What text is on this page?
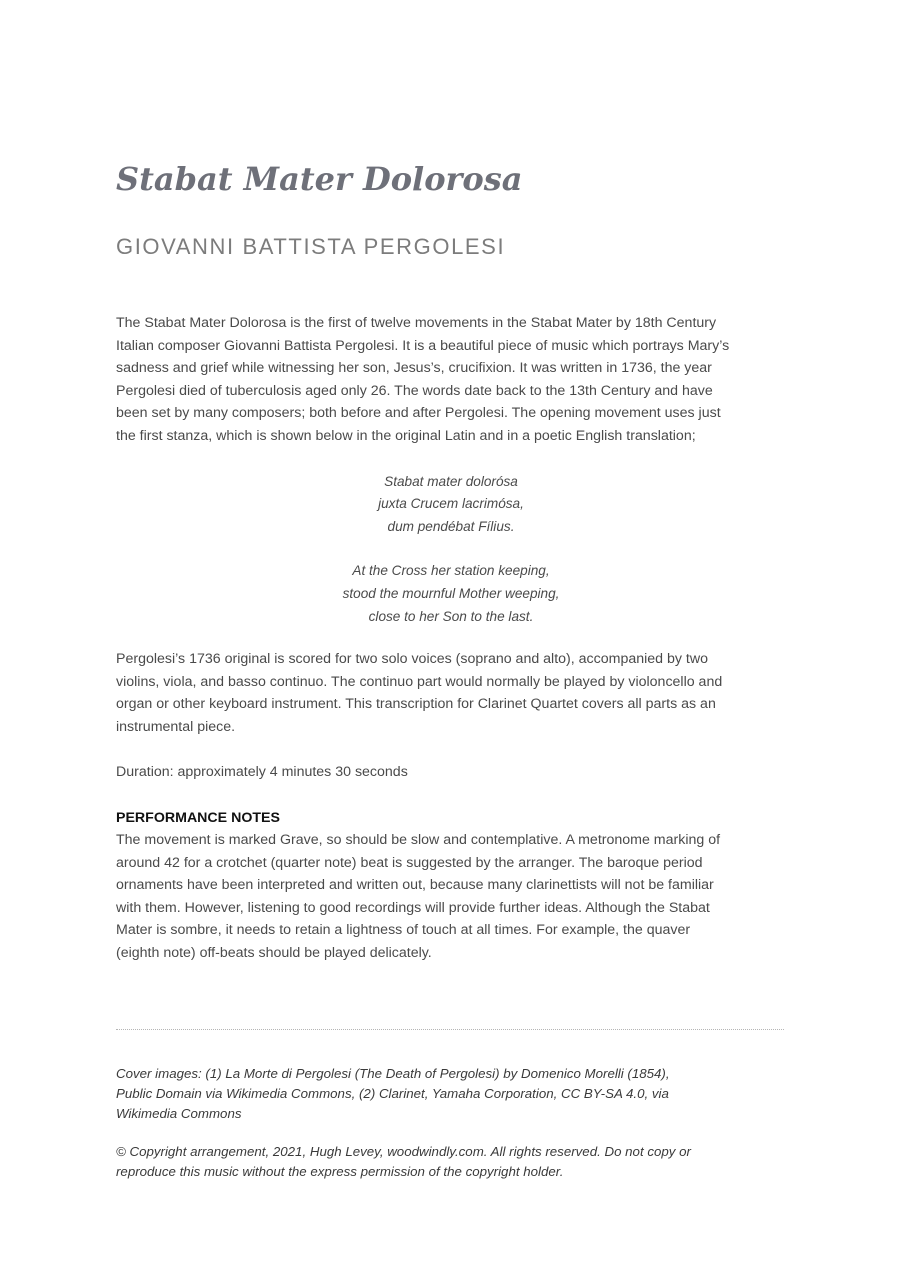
Stabat Mater Dolorosa
GIOVANNI BATTISTA PERGOLESI

The Stabat Mater Dolorosa is the first of twelve movements in the Stabat Mater by 18th Century
Italian composer Giovanni Battista Pergolesi. It is a beautiful piece of music which portrays Mary’s
sadness and grief while witnessing her son, Jesus’s, crucifixion. It was written in 1736, the year
Pergolesi died of tuberculosis aged only 26. The words date back to the 13th Century and have
been set by many composers; both before and after Pergolesi. The opening movement uses just
the first stanza, which is shown below in the original Latin and in a poetic English translation;

Stabat mater dolorósa
juxta Crucem lacrimósa,
dum pendébat Fílius.

At the Cross her station keeping,
stood the mournful Mother weeping,
close to her Son to the last.

Pergolesi’s 1736 original is scored for two solo voices (soprano and alto), accompanied by two
violins, viola, and basso continuo. The continuo part would normally be played by violoncello and
organ or other keyboard instrument. This transcription for Clarinet Quartet covers all parts as an
instrumental piece.

Duration: approximately 4 minutes 30 seconds

PERFORMANCE NOTES

The movement is marked Grave, so should be slow and contemplative. A metronome marking of
around 42 for a crotchet (quarter note) beat is suggested by the arranger. The baroque period
ornaments have been interpreted and written out, because many clarinettists will not be familiar
with them. However, listening to good recordings will provide further ideas. Although the Stabat
Mater is sombre, it needs to retain a lightness of touch at all times. For example, the quaver
(eighth note) off-beats should be played delicately.

Cover images: (1) La Morte di Pergolesi (The Death of Pergolesi) by Domenico Morelli (1854),
Public Domain via Wikimedia Commons, (2) Clarinet, Yamaha Corporation, CC BY-SA 4.0, via
Wikimedia Commons

© Copyright arrangement, 2021, Hugh Levey, woodwindly.com. All rights reserved. Do not copy or
reproduce this music without the express permission of the copyright holder.
